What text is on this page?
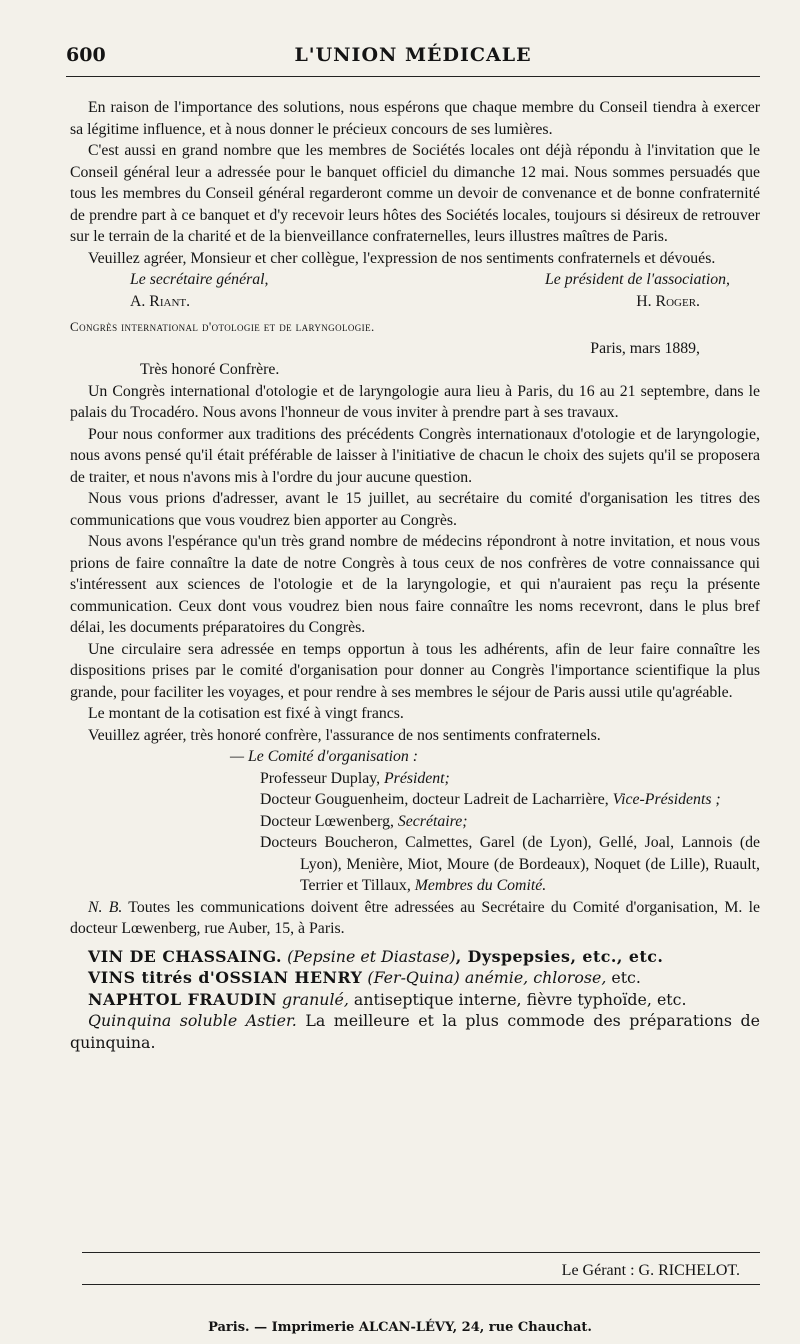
600	L'UNION MÉDICALE

En raison de l'importance des solutions, nous espérons que chaque membre du Conseil tiendra à exercer sa légitime influence, et à nous donner le précieux concours de ses lumières.

C'est aussi en grand nombre que les membres de Sociétés locales ont déjà répondu à l'invitation que le Conseil général leur a adressée pour le banquet officiel du dimanche 12 mai. Nous sommes persuadés que tous les membres du Conseil général regarderont comme un devoir de convenance et de bonne confraternité de prendre part à ce banquet et d'y recevoir leurs hôtes des Sociétés locales, toujours si désireux de retrouver sur le terrain de la charité et de la bienveillance confraternelles, leurs illustres maîtres de Paris.

Veuillez agréer, Monsieur et cher collègue, l'expression de nos sentiments confraternels et dévoués.

Le secrétaire général,	Le président de l'association,
A. Riant.	H. Roger.

Congrès international d'otologie et de laryngologie.

Paris, mars 1889,

Très honoré Confrère.

Un Congrès international d'otologie et de laryngologie aura lieu à Paris, du 16 au 21 septembre, dans le palais du Trocadéro. Nous avons l'honneur de vous inviter à prendre part à ses travaux.

Pour nous conformer aux traditions des précédents Congrès internationaux d'otologie et de laryngologie, nous avons pensé qu'il était préférable de laisser à l'initiative de chacun le choix des sujets qu'il se proposera de traiter, et nous n'avons mis à l'ordre du jour aucune question.

Nous vous prions d'adresser, avant le 15 juillet, au secrétaire du comité d'organisation les titres des communications que vous voudrez bien apporter au Congrès.

Nous avons l'espérance qu'un très grand nombre de médecins répondront à notre invitation, et nous vous prions de faire connaître la date de notre Congrès à tous ceux de nos confrères de votre connaissance qui s'intéressent aux sciences de l'otologie et de la laryngologie, et qui n'auraient pas reçu la présente communication. Ceux dont vous voudrez bien nous faire connaître les noms recevront, dans le plus bref délai, les documents préparatoires du Congrès.

Une circulaire sera adressée en temps opportun à tous les adhérents, afin de leur faire connaître les dispositions prises par le comité d'organisation pour donner au Congrès l'importance scientifique la plus grande, pour faciliter les voyages, et pour rendre à ses membres le séjour de Paris aussi utile qu'agréable.

Le montant de la cotisation est fixé à vingt francs.

Veuillez agréer, très honoré confrère, l'assurance de nos sentiments confraternels.

— Le Comité d'organisation :

Professeur Duplay, Président;

Docteur Gouguenheim, docteur Ladreit de Lacharrière, Vice-Présidents ;

Docteur Lœwenberg, Secrétaire;

Docteurs Boucheron, Calmettes, Garel (de Lyon), Gellé, Joal, Lannois (de Lyon), Menière, Miot, Moure (de Bordeaux), Noquet (de Lille), Ruault, Terrier et Tillaux, Membres du Comité.

N. B. Toutes les communications doivent être adressées au Secrétaire du Comité d'organisation, M. le docteur Lœwenberg, rue Auber, 15, à Paris.

VIN DE CHASSAING. (Pepsine et Diastase), Dyspepsies, etc., etc.

VINS titrés d'OSSIAN HENRY (Fer-Quina) anémie, chlorose, etc.

NAPHTOL FRAUDIN granulé, antiseptique interne, fièvre typhoïde, etc.

Quinquina soluble Astier. La meilleure et la plus commode des préparations de quinquina.

Le Gérant : G. RICHELOT.
Paris. — Imprimerie ALCAN-LÉVY, 24, rue Chauchat.
